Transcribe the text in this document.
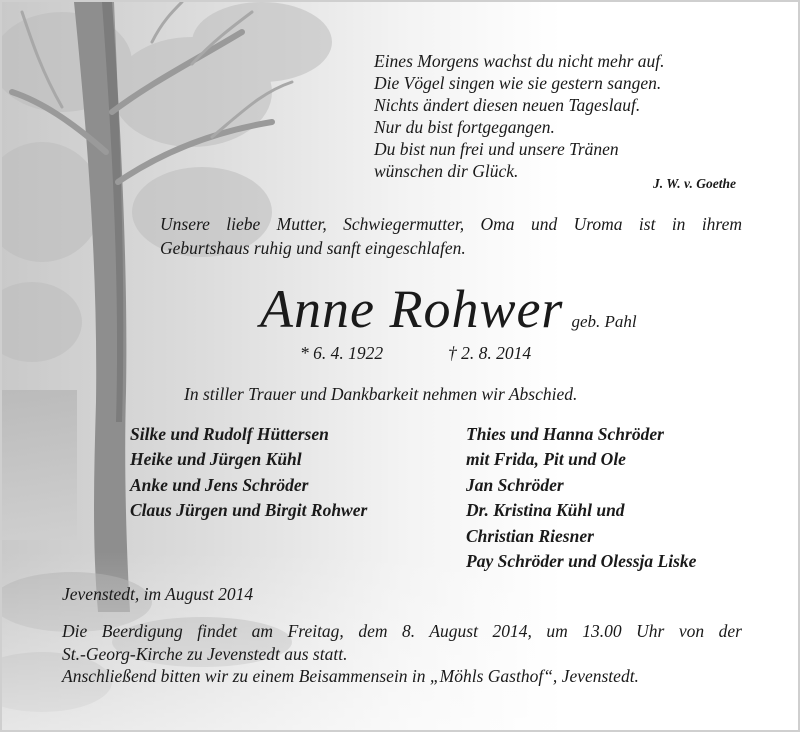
Eines Morgens wachst du nicht mehr auf.
Die Vögel singen wie sie gestern sangen.
Nichts ändert diesen neuen Tageslauf.
Nur du bist fortgegangen.
Du bist nun frei und unsere Tränen
wünschen dir Glück.
J. W. v. Goethe
Unsere liebe Mutter, Schwiegermutter, Oma und Uroma ist in ihrem
Geburtshaus ruhig und sanft eingeschlafen.
Anne Rohwer geb. Pahl
* 6. 4. 1922	† 2. 8. 2014
In stiller Trauer und Dankbarkeit nehmen wir Abschied.
Silke und Rudolf Hüttersen
Heike und Jürgen Kühl
Anke und Jens Schröder
Claus Jürgen und Birgit Rohwer
Thies und Hanna Schröder
mit Frida, Pit und Ole
Jan Schröder
Dr. Kristina Kühl und
Christian Riesner
Pay Schröder und Olessja Liske
Jevenstedt, im August 2014
Die Beerdigung findet am Freitag, dem 8. August 2014, um 13.00 Uhr von der
St.-Georg-Kirche zu Jevenstedt aus statt.
Anschließend bitten wir zu einem Beisammensein in „Möhls Gasthof“, Jevenstedt.
